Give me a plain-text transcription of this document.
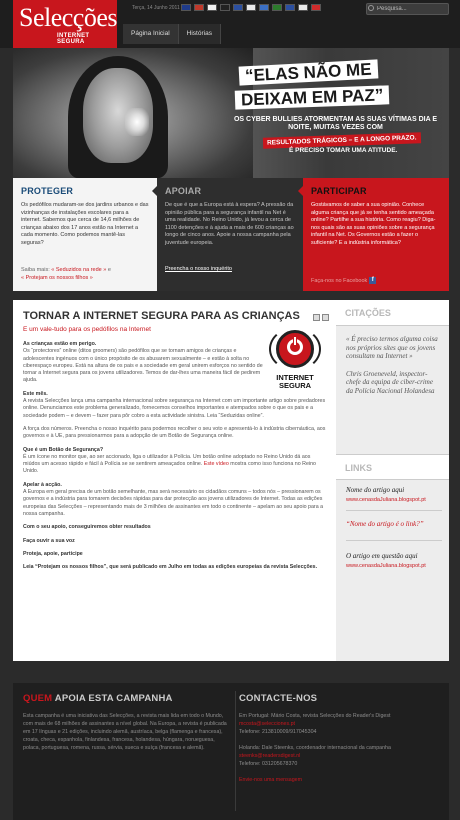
Selecções
INTERNET SEGURA
Terça, 14 Junho 2011
Pesquisa...
Página Inicial	Histórias
“ELAS NÃO ME
DEIXAM EM PAZ”
OS CYBER BULLIES ATORMENTAM AS SUAS VÍTIMAS DIA E NOITE, MUITAS VEZES COM
RESULTADOS TRÁGICOS – E A LONGO PRAZO.
É PRECISO TOMAR UMA ATITUDE.
PROTEGER
Os pedófilos mudaram-se dos jardins urbanos e das vizinhanças de instalações escolares para a internet. Sabemos que cerca de 14,6 milhões de crianças abaixo dos 17 anos estão na Internet a cada momento. Como podemos mantê-las seguras?
Saiba mais: « Seduzidos na rede » e
« Protejam os nossos filhos »
APOIAR
De que é que a Europa está à espera? A pressão da opinião pública para a segurança infantil na Net é uma realidade. No Reino Unido, já levou a cerca de 1100 detenções e à ajuda a mais de 600 crianças ao longo de cinco anos. Apoie a nossa campanha pela juventude europeia.
Preencha o nosso inquérito
PARTICIPAR
Gostávamos de saber a sua opinião. Conhece alguma criança que já se tenha sentido ameaçada online? Partilhe a sua história. Como reagiu? Diga-nos quais são as suas opiniões sobre a segurança infantil na Net. Os Governos estão a fazer o suficiente? E a indústria informática?
Faça-nos no Facebook f
TORNAR A INTERNET SEGURA PARA AS CRIANÇAS
E um vale-tudo para os pedófilos na Internet
INTERNET SEGURA
As crianças estão em perigo.
Os “protectores” online (ditos groomers) são pedófilos que se tornam amigos de crianças e adolescentes ingénuos com o único propósito de os abusarem sexualmente – e estão à solta no ciberespaço europeu. Está na altura de os pais e a sociedade em geral unirem esforços no sentido de tornar a Internet segura para os jovens utilizadores. Temos de dar-lhes uma maneira fácil de pedirem ajuda.
Este mês.
A revista Selecções lança uma campanha internacional sobre segurança na Internet com um importante artigo sobre predadores online. Denunciamos este problema generalizado, fornecemos conselhos importantes e atempados sobre o que os pais e a sociedade podem – e devem – fazer para pôr cobro a esta actividade sinistra. Leia “Seduzidas online”.
A força dos números. Preencha o nosso inquérito para podermos recolher o seu voto e apresentá-lo à indústria cibernáutica, aos governos e à UE, para pressionarmos para a adopção de um Botão de Segurança online.
Que é um Botão de Segurança?
É um ícone no monitor que, ao ser accionado, liga o utilizador à Polícia. Um botão online adoptado no Reino Unido dá aos miúdos um acesso rápido e fácil à Polícia se se sentirem ameaçados online. Este vídeo mostra como isso funciona no Reino Unido.
Apelar à acção.
A Europa em geral precisa de um botão semelhante, mas será necessário os cidadãos comuns – todos nós – pressionarem os governos e a indústria para tomarem decisões rápidas para dar protecção aos jovens utilizadores de Internet. Todas as edições europeias das Selecções – representando mais de 3 milhões de assinantes em todo o continente – apelam ao seu apoio para a nossa campanha.
Com o seu apoio, conseguiremos obter resultados
Faça ouvir a sua voz
Proteja, apoie, participe
Leia “Protejam os nossos filhos”, que será publicado em Julho em todas as edições europeias da revista Selecções.
CITAÇÕES
« É preciso termos alguma coisa nos próprios sítes que os jovens consultam na Internet »
Chris Groeneveld, inspector-chefe da equipa de ciber-crime da Polícia Nacional Holandesa
LINKS
Nome do artigo aqui
www.cenasdaJuliana.blogspot.pt
“Nome do artigo é o link?”
O artigo em questão aqui
www.cenasdaJuliana.blogspot.pt
QUEM APOIA ESTA CAMPANHA
Esta campanha é uma iniciativa das Selecções, a revista mais lida em todo o Mundo, com mais de 68 milhões de assinantes a nível global. Na Europa, a revista é publicada em 17 línguas e 21 edições, incluindo alemã, austríaca, belga (flamenga e francesa), croata, checa, espanhola, finlandesa, francesa, holandesa, húngara, norueguesa, polaca, portuguesa, romena, russa, sérvia, sueca e suíça (francesa e alemã).
CONTACTE-NOS
Em Portugal: Mário Costa, revista Selecções do Reader's Digest
mcosta@selecciones.pt
Telefone: 213810009/917045304

Holanda: Dale Steenks, coordenador internacional da campanha
steenks@readersdigest.nl
Telefone: 031205678370

Envie-nos uma mensagem
